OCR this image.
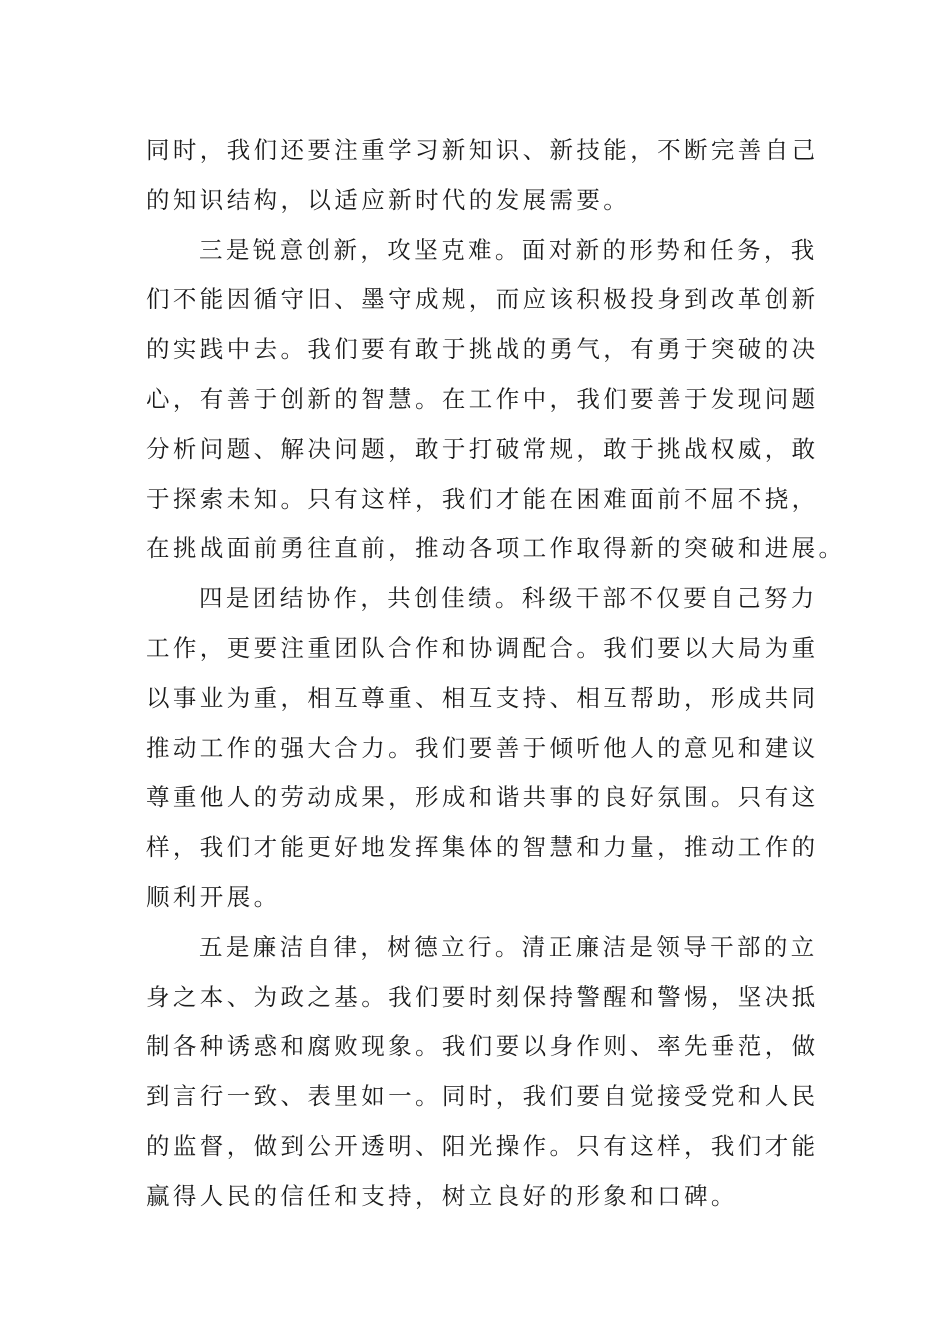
同时，我们还要注重学习新知识、新技能，不断完善自己
的知识结构，以适应新时代的发展需要。
三是锐意创新，攻坚克难。面对新的形势和任务，我
们不能因循守旧、墨守成规，而应该积极投身到改革创新
的实践中去。我们要有敢于挑战的勇气，有勇于突破的决
心，有善于创新的智慧。在工作中，我们要善于发现问题
分析问题、解决问题，敢于打破常规，敢于挑战权威，敢
于探索未知。只有这样，我们才能在困难面前不屈不挠，
在挑战面前勇往直前，推动各项工作取得新的突破和进展。
四是团结协作，共创佳绩。科级干部不仅要自己努力
工作，更要注重团队合作和协调配合。我们要以大局为重
以事业为重，相互尊重、相互支持、相互帮助，形成共同
推动工作的强大合力。我们要善于倾听他人的意见和建议
尊重他人的劳动成果，形成和谐共事的良好氛围。只有这
样，我们才能更好地发挥集体的智慧和力量，推动工作的
顺利开展。
五是廉洁自律，树德立行。清正廉洁是领导干部的立
身之本、为政之基。我们要时刻保持警醒和警惕，坚决抵
制各种诱惑和腐败现象。我们要以身作则、率先垂范，做
到言行一致、表里如一。同时，我们要自觉接受党和人民
的监督，做到公开透明、阳光操作。只有这样，我们才能
赢得人民的信任和支持，树立良好的形象和口碑。
